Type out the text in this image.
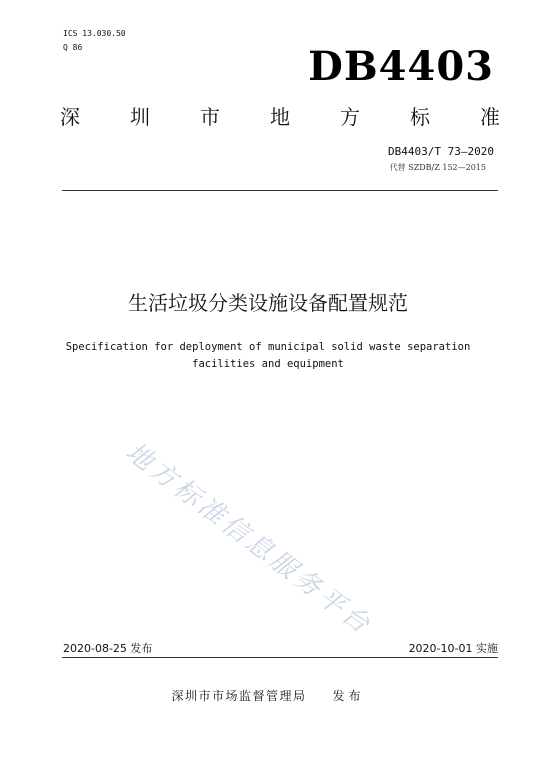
ICS 13.030.50
Q 86	DB4403
深	圳	市	地	方	标	准
DB4403/T 73—2020
代替 SZDB/Z 152—2015
生活垃圾分类设施设备配置规范
Specification for deployment of municipal solid waste separation
facilities and equipment
地方标准信息服务平台
2020-08-25 发布	2020-10-01 实施
深圳市市场监督管理局 发布
